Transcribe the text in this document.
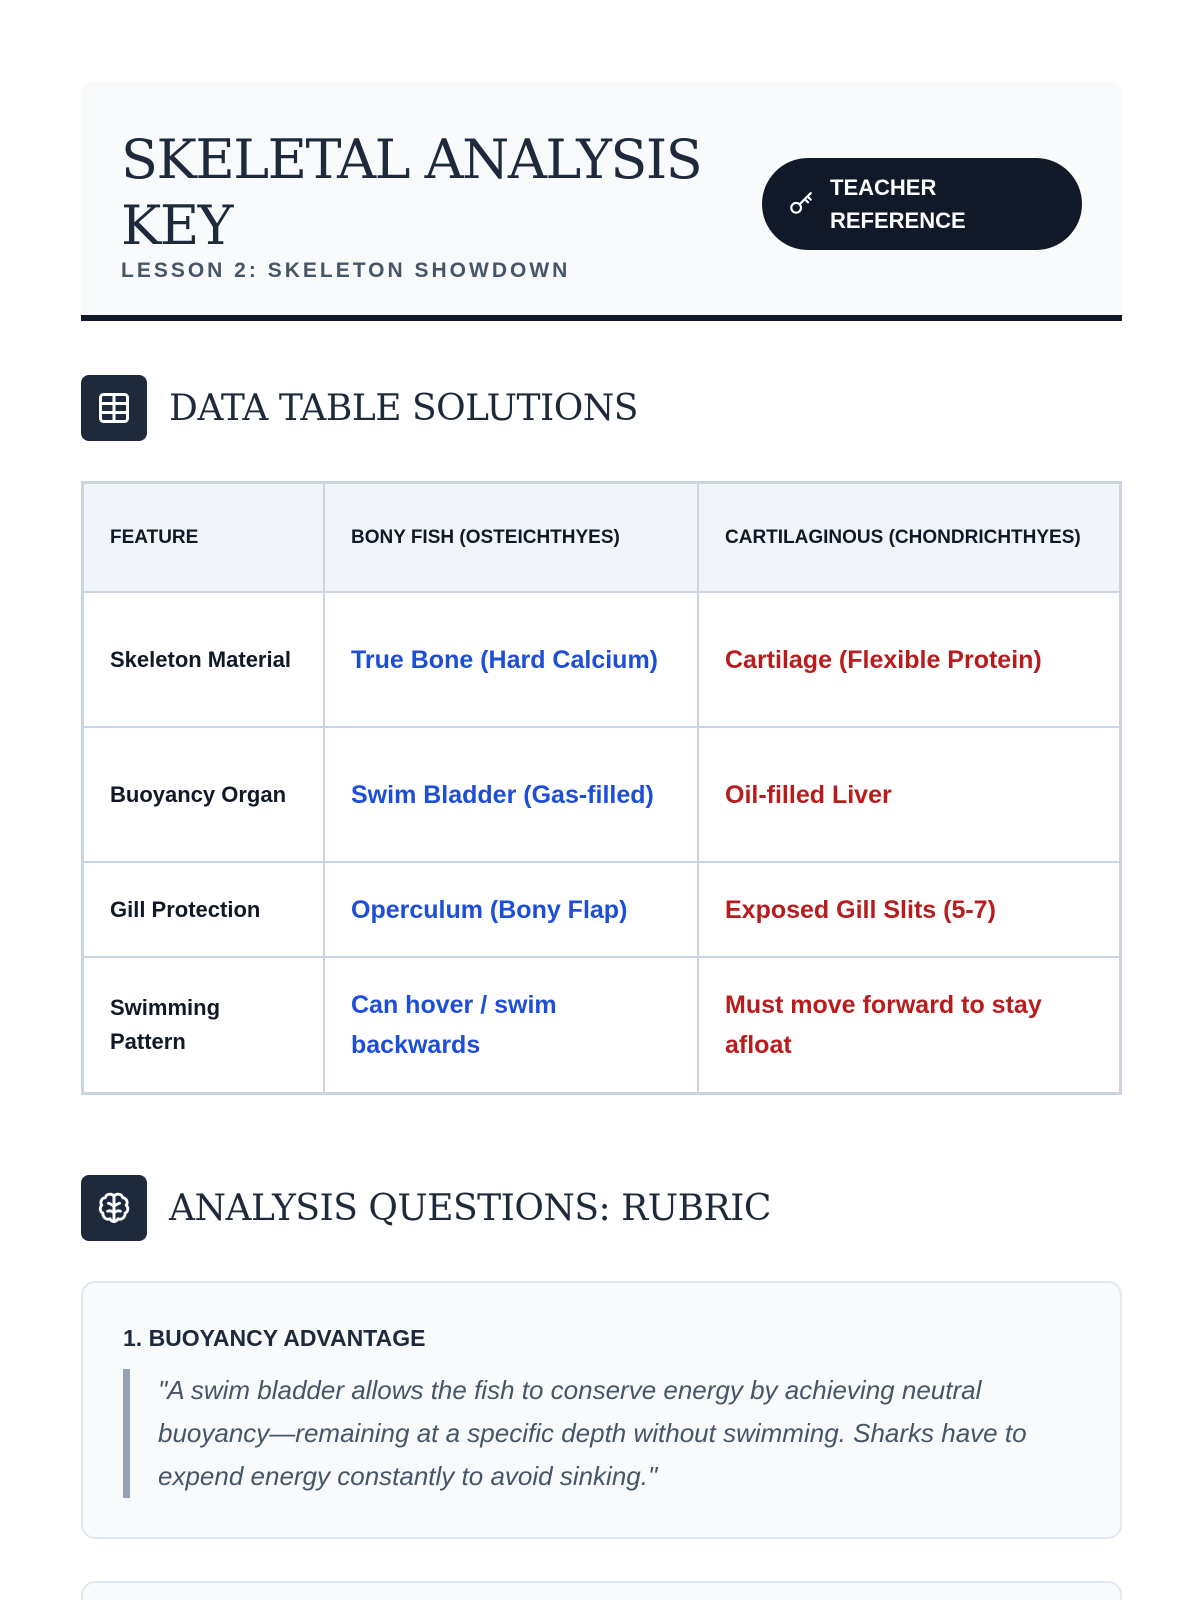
SKELETAL ANALYSIS KEY
LESSON 2: SKELETON SHOWDOWN
TEACHER REFERENCE
DATA TABLE SOLUTIONS
FEATURE	BONY FISH (OSTEICHTHYES)	CARTILAGINOUS (CHONDRICHTHYES)
Skeleton Material	True Bone (Hard Calcium)	Cartilage (Flexible Protein)
Buoyancy Organ	Swim Bladder (Gas-filled)	Oil-filled Liver
Gill Protection	Operculum (Bony Flap)	Exposed Gill Slits (5-7)
Swimming Pattern	Can hover / swim backwards	Must move forward to stay afloat
ANALYSIS QUESTIONS: RUBRIC
1. BUOYANCY ADVANTAGE
"A swim bladder allows the fish to conserve energy by achieving neutral buoyancy—remaining at a specific depth without swimming. Sharks have to expend energy constantly to avoid sinking."
